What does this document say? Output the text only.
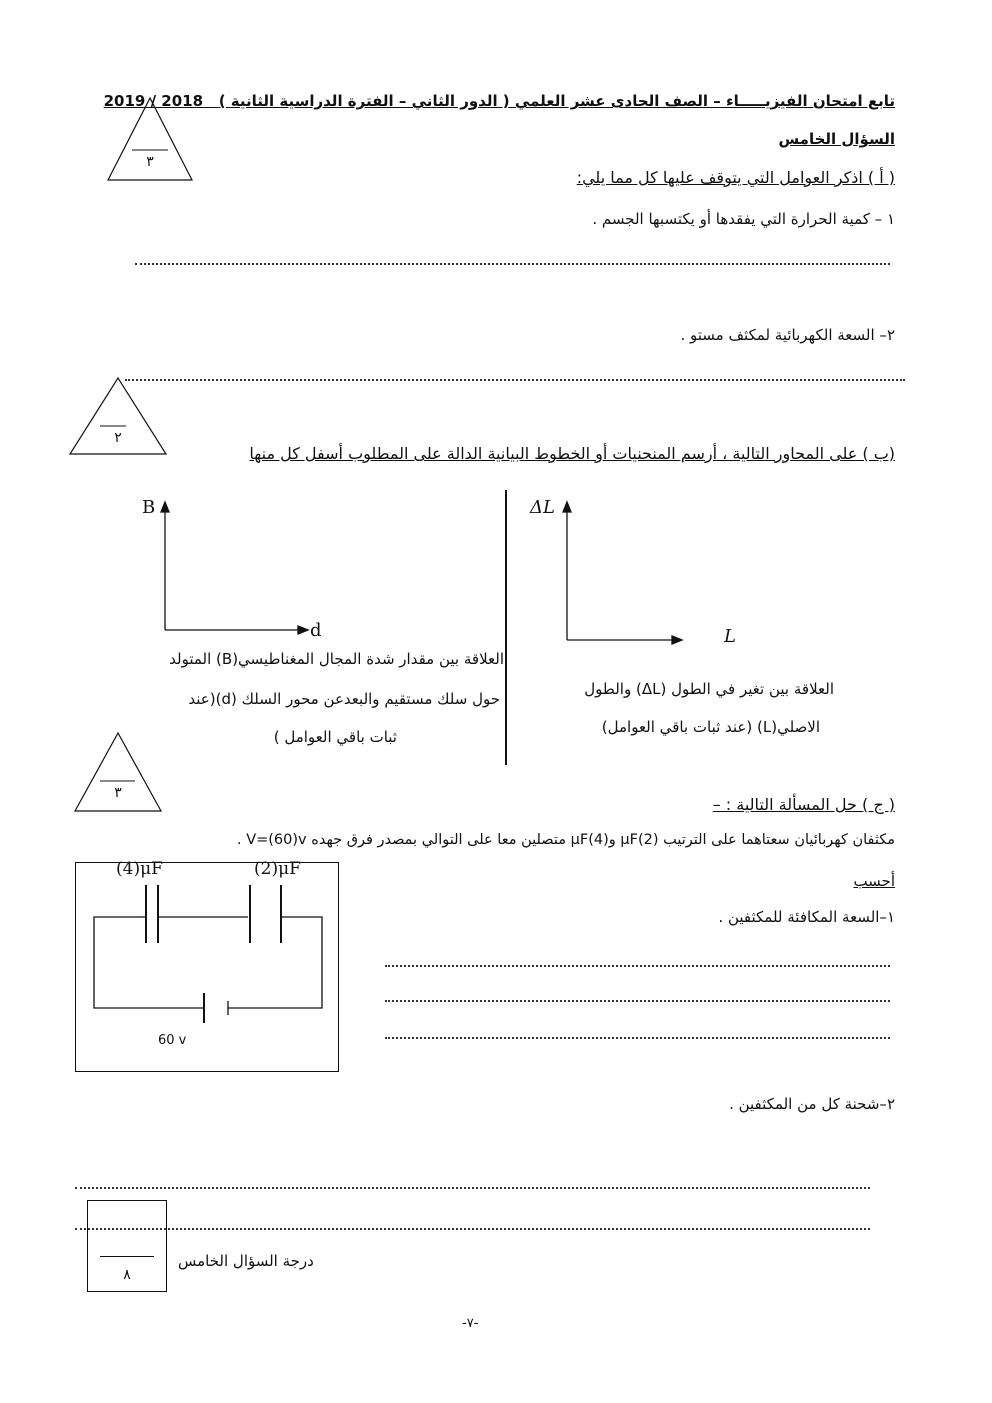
تابع امتحان الفيزيـــــاء – الصف الحادى عشر العلمي ( الدور الثاني – الفترة الدراسية الثانية )   2019 / 2018
٣
السؤال الخامس
( أ ) اذكر العوامل التي يتوقف عليها كل مما يلي:
١ – كمية الحرارة التي يفقدها أو يكتسبها الجسم .
٢– السعة الكهربائية لمكثف مستو .
٢
(ب ) على المحاور التالية ، أرسم المنحنيات أو الخطوط البيانية الدالة على المطلوب أسفل كل منها
B
d
ΔL
L
العلاقة بين مقدار شدة المجال المغناطيسي(B) المتولد
حول سلك مستقيم والبعدعن محور السلك (d)(عند
ثبات باقي العوامل )
العلاقة بين تغير في الطول (ΔL) والطول
الاصلي(L) (عند ثبات باقي العوامل)
٣
( ج ) حل المسألة التالية : –
مكثفان كهربائيان سعتاهما على الترتيب μF(2) وμF(4) متصلين معا على التوالي بمصدر فرق جهده V=(60)v .
(4)μF	(2)μF
60 v
أحسب
١–السعة المكافئة للمكثفين .
٢–شحنة كل من المكثفين .
٨
درجة السؤال الخامس
-٧-
